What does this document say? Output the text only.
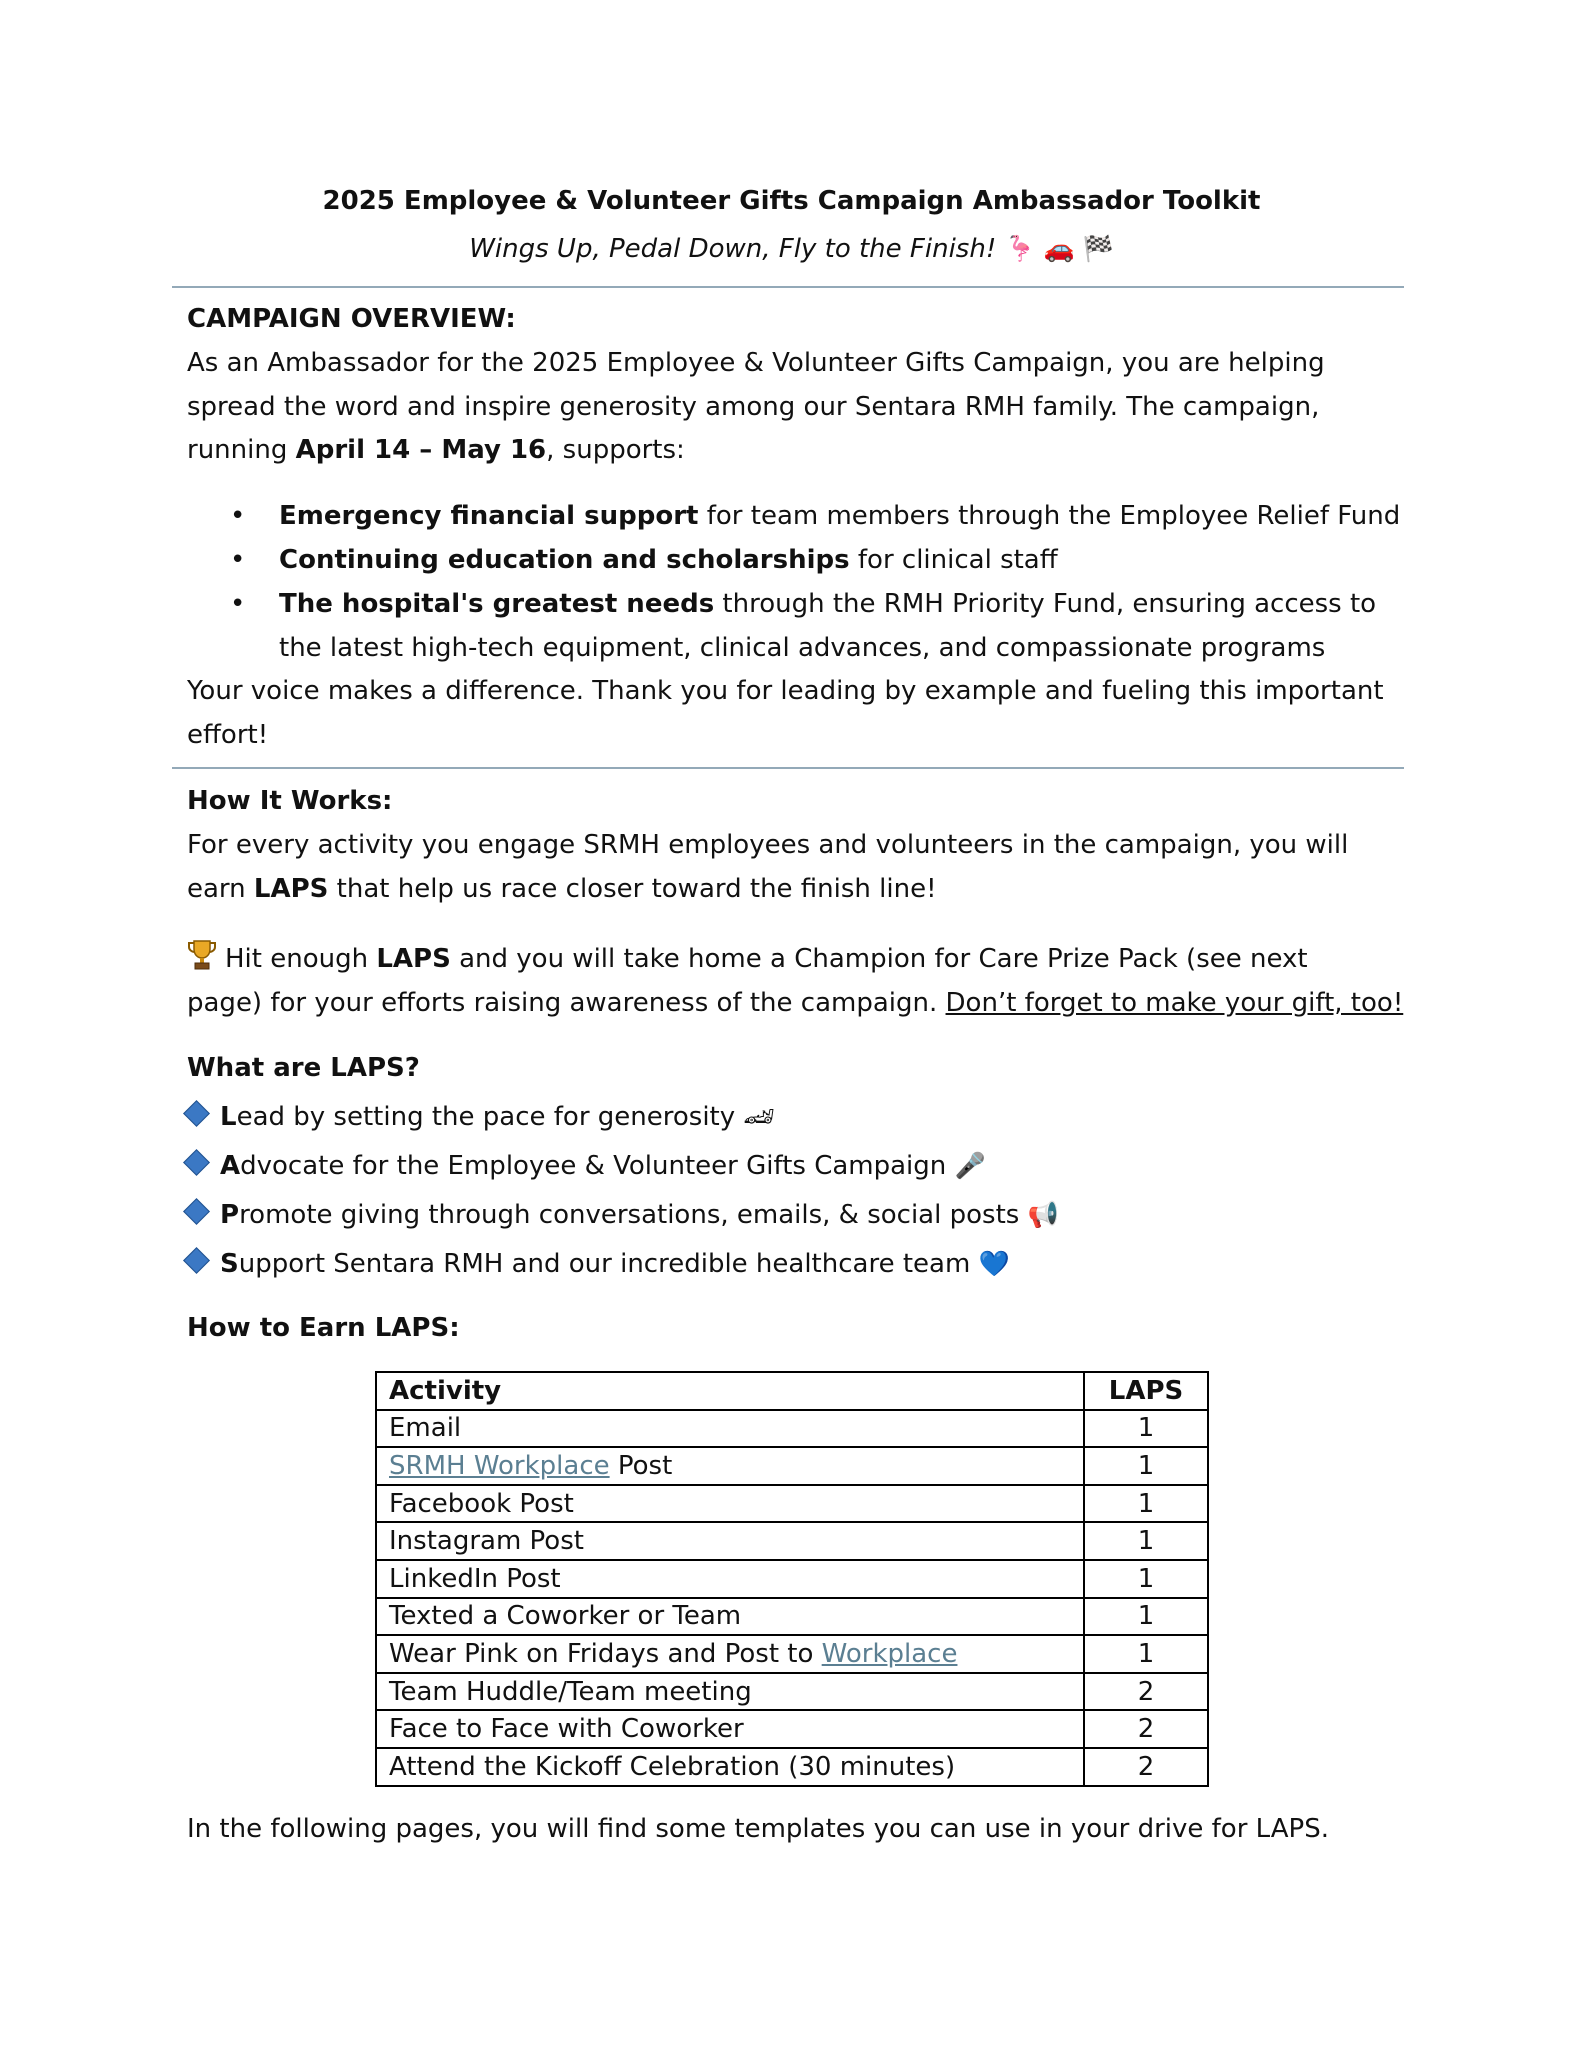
2025 Employee & Volunteer Gifts Campaign Ambassador Toolkit
Wings Up, Pedal Down, Fly to the Finish! 🦩 🚗 🏁
CAMPAIGN OVERVIEW:
As an Ambassador for the 2025 Employee & Volunteer Gifts Campaign, you are helping
spread the word and inspire generosity among our Sentara RMH family. The campaign,
running April 14 – May 16, supports:
• Emergency financial support for team members through the Employee Relief Fund
• Continuing education and scholarships for clinical staff
• The hospital's greatest needs through the RMH Priority Fund, ensuring access to
the latest high-tech equipment, clinical advances, and compassionate programs
Your voice makes a difference. Thank you for leading by example and fueling this important
effort!
How It Works:
For every activity you engage SRMH employees and volunteers in the campaign, you will
earn LAPS that help us race closer toward the finish line!
Hit enough LAPS and you will take home a Champion for Care Prize Pack (see next
page) for your efforts raising awareness of the campaign. Don’t forget to make your gift, too!
What are LAPS?
Lead by setting the pace for generosity 🏎
Advocate for the Employee & Volunteer Gifts Campaign 🎤
Promote giving through conversations, emails, & social posts 📢
Support Sentara RMH and our incredible healthcare team 💙
How to Earn LAPS:
Activity	LAPS
Email	1
SRMH Workplace Post	1
Facebook Post	1
Instagram Post	1
LinkedIn Post	1
Texted a Coworker or Team	1
Wear Pink on Fridays and Post to Workplace	1
Team Huddle/Team meeting	2
Face to Face with Coworker	2
Attend the Kickoff Celebration (30 minutes)	2
In the following pages, you will find some templates you can use in your drive for LAPS.
